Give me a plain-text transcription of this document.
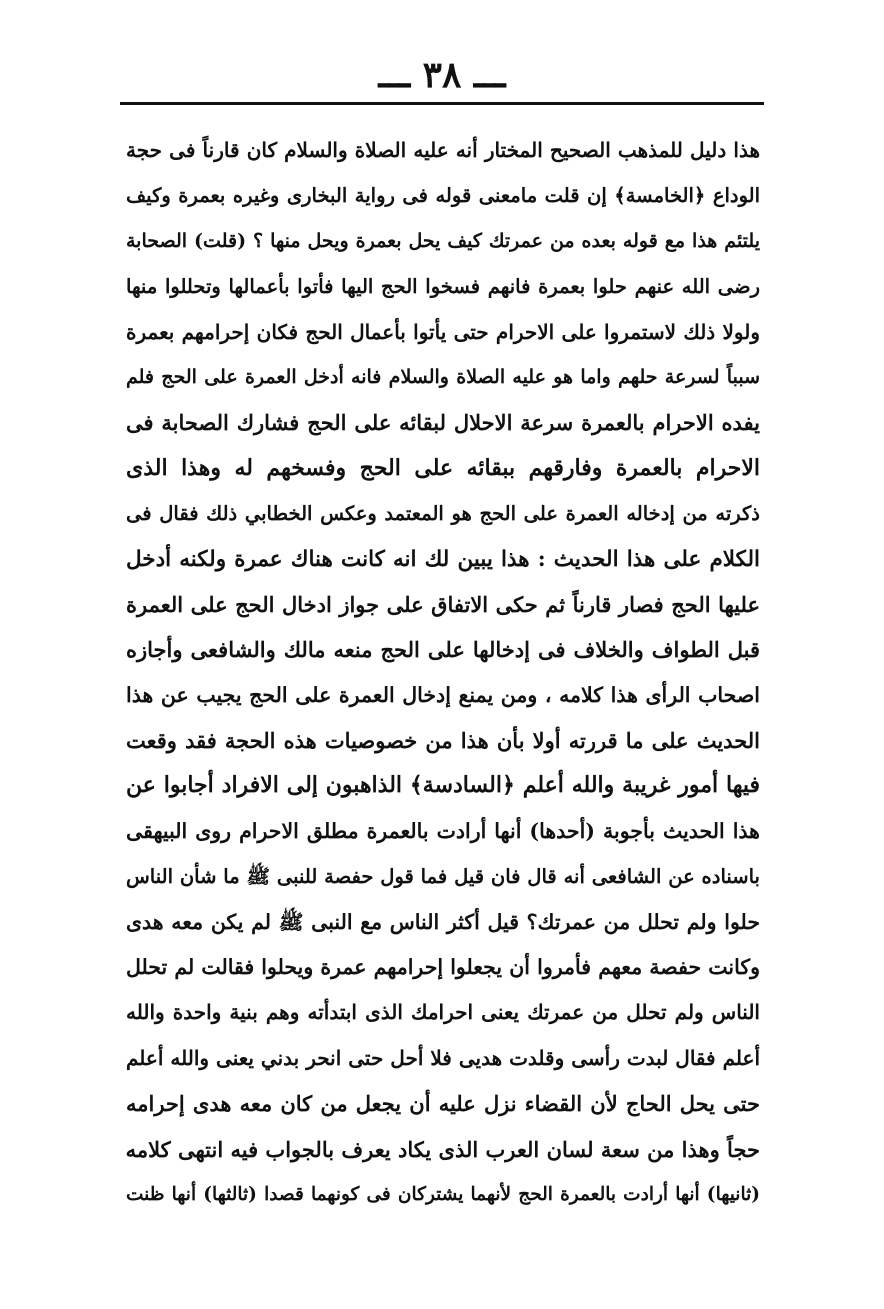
ـــ ٣٨ ـــ
هذا دليل للمذهب الصحيح المختار أنه عليه الصلاة والسلام كان قارناً فى حجة
الوداع ﴿الخامسة﴾ إن قلت مامعنى قوله فى رواية البخارى وغيره بعمرة وكيف
يلتئم هذا مع قوله بعده من عمرتك كيف يحل بعمرة ويحل منها ؟ (قلت) الصحابة
رضى الله عنهم حلوا بعمرة فانهم فسخوا الحج اليها فأتوا بأعمالها وتحللوا منها
ولولا ذلك لاستمروا على الاحرام حتى يأتوا بأعمال الحج فكان إحرامهم بعمرة
سبباً لسرعة حلهم واما هو عليه الصلاة والسلام فانه أدخل العمرة على الحج فلم
يفده الاحرام بالعمرة سرعة الاحلال لبقائه على الحج فشارك الصحابة فى
الاحرام بالعمرة وفارقهم ببقائه على الحج وفسخهم له وهذا الذى
ذكرته من إدخاله العمرة على الحج هو المعتمد وعكس الخطابي ذلك فقال فى
الكلام على هذا الحديث : هذا يبين لك انه كانت هناك عمرة ولكنه أدخل
عليها الحج فصار قارناً ثم حكى الاتفاق على جواز ادخال الحج على العمرة
قبل الطواف والخلاف فى إدخالها على الحج منعه مالك والشافعى وأجازه
اصحاب الرأى هذا كلامه ، ومن يمنع إدخال العمرة على الحج يجيب عن هذا
الحديث على ما قررته أولا بأن هذا من خصوصيات هذه الحجة فقد وقعت
فيها أمور غريبة والله أعلم ﴿السادسة﴾ الذاهبون إلى الافراد أجابوا عن
هذا الحديث بأجوبة (أحدها) أنها أرادت بالعمرة مطلق الاحرام روى البيهقى
باسناده عن الشافعى أنه قال فان قيل فما قول حفصة للنبى ﷺ ما شأن الناس
حلوا ولم تحلل من عمرتك؟ قيل أكثر الناس مع النبى ﷺ لم يكن معه هدى
وكانت حفصة معهم فأمروا أن يجعلوا إحرامهم عمرة ويحلوا فقالت لم تحلل
الناس ولم تحلل من عمرتك يعنى احرامك الذى ابتدأته وهم بنية واحدة والله
أعلم فقال لبدت رأسى وقلدت هديى فلا أحل حتى انحر بدني يعنى والله أعلم
حتى يحل الحاج لأن القضاء نزل عليه أن يجعل من كان معه هدى إحرامه
حجاً وهذا من سعة لسان العرب الذى يكاد يعرف بالجواب فيه انتهى كلامه
(ثانيها) أنها أرادت بالعمرة الحج لأنهما يشتركان فى كونهما قصدا (ثالثها) أنها ظنت
